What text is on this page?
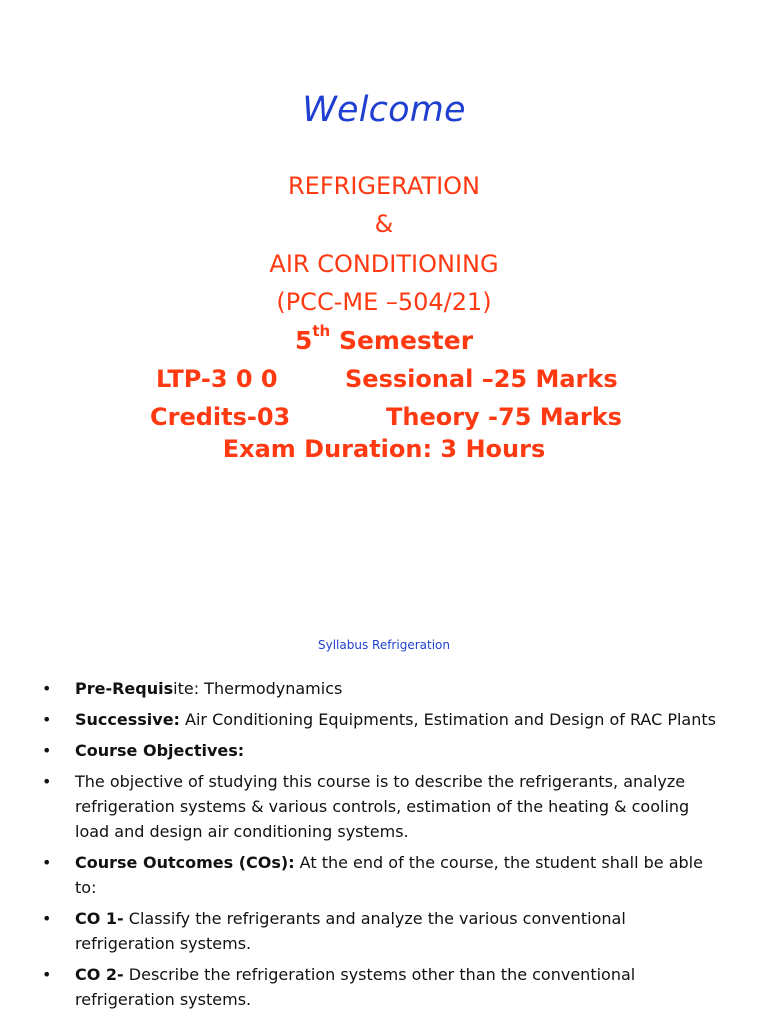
Welcome
REFRIGERATION
&
AIR CONDITIONING
(PCC-ME –504/21)
5th Semester
LTP-3 0 0	Sessional –25 Marks
Credits-03	Theory -75 Marks
Exam Duration: 3 Hours
Syllabus Refrigeration
• Pre-Requisite: Thermodynamics
• Successive: Air Conditioning Equipments, Estimation and Design of RAC Plants
• Course Objectives:
• The objective of studying this course is to describe the refrigerants, analyze refrigeration systems & various controls, estimation of the heating & cooling load and design air conditioning systems.
• Course Outcomes (COs): At the end of the course, the student shall be able to:
• CO 1- Classify the refrigerants and analyze the various conventional refrigeration systems.
• CO 2- Describe the refrigeration systems other than the conventional refrigeration systems.
